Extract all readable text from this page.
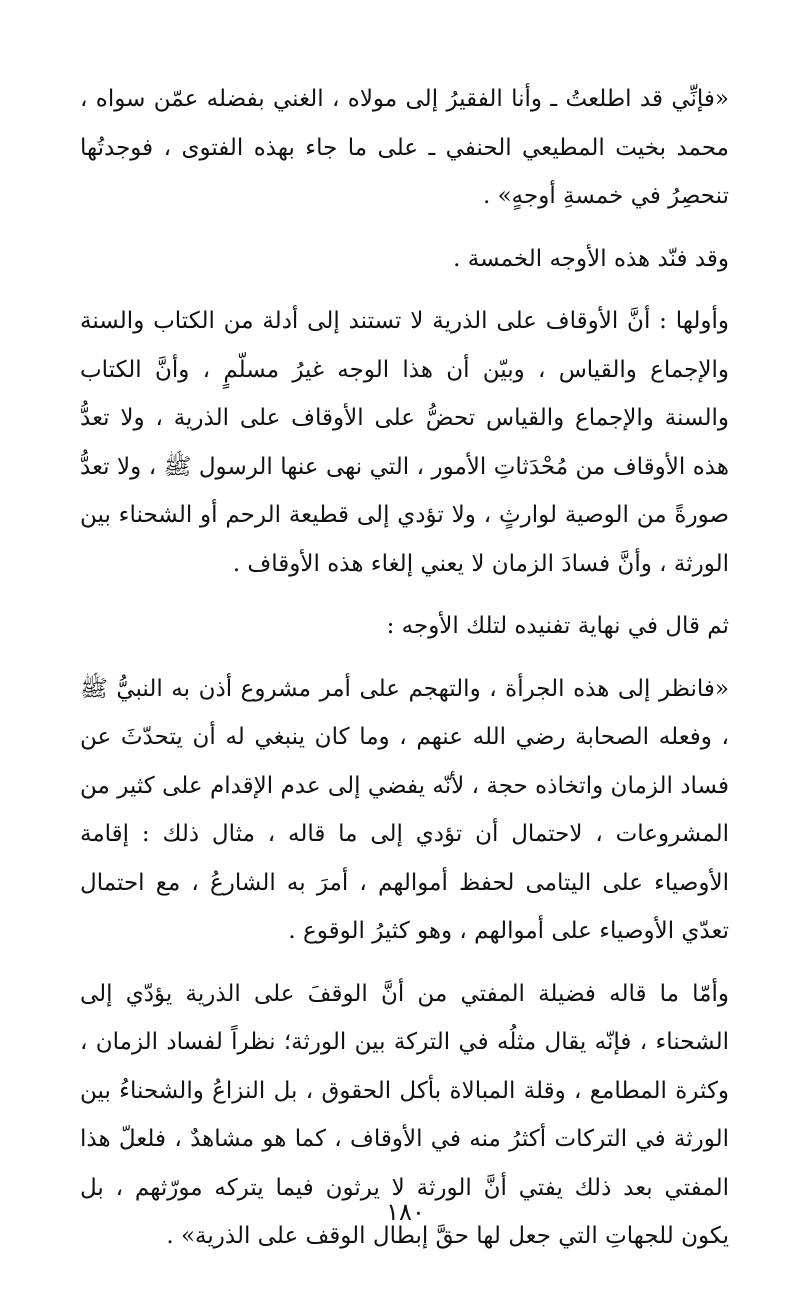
«فإنِّي قد اطلعتُ ـ وأنا الفقيرُ إلى مولاه ، الغني بفضله عمّن سواه ، محمد بخيت المطيعي الحنفي ـ على ما جاء بهذه الفتوى ، فوجدتُها تنحصِرُ في خمسةِ أوجهٍ» .

وقد فنّد هذه الأوجه الخمسة .

وأولها : أنَّ الأوقاف على الذرية لا تستند إلى أدلة من الكتاب والسنة والإجماع والقياس ، وبيّن أن هذا الوجه غيرُ مسلّمٍ ، وأنَّ الكتاب والسنة والإجماع والقياس تحضُّ على الأوقاف على الذرية ، ولا تعدُّ هذه الأوقاف من مُحْدَثاتِ الأمور ، التي نهى عنها الرسول ﷺ ، ولا تعدُّ صورةً من الوصية لوارثٍ ، ولا تؤدي إلى قطيعة الرحم أو الشحناء بين الورثة ، وأنَّ فسادَ الزمان لا يعني إلغاء هذه الأوقاف .

ثم قال في نهاية تفنيده لتلك الأوجه :

«فانظر إلى هذه الجرأة ، والتهجم على أمر مشروع أذن به النبيُّ ﷺ ، وفعله الصحابة رضي الله عنهم ، وما كان ينبغي له أن يتحدّثَ عن فساد الزمان واتخاذه حجة ، لأنّه يفضي إلى عدم الإقدام على كثير من المشروعات ، لاحتمال أن تؤدي إلى ما قاله ، مثال ذلك : إقامة الأوصياء على اليتامى لحفظ أموالهم ، أمرَ به الشارعُ ، مع احتمال تعدّي الأوصياء على أموالهم ، وهو كثيرُ الوقوع .

وأمّا ما قاله فضيلة المفتي من أنَّ الوقفَ على الذرية يؤدّي إلى الشحناء ، فإنّه يقال مثلُه في التركة بين الورثة؛ نظراً لفساد الزمان ، وكثرة المطامع ، وقلة المبالاة بأكل الحقوق ، بل النزاعُ والشحناءُ بين الورثة في التركات أكثرُ منه في الأوقاف ، كما هو مشاهدٌ ، فلعلّ هذا المفتي بعد ذلك يفتي أنَّ الورثة لا يرثون فيما يتركه مورّثهم ، بل يكون للجهاتِ التي جعل لها حقَّ إبطال الوقف على الذرية» .

١٨٠
